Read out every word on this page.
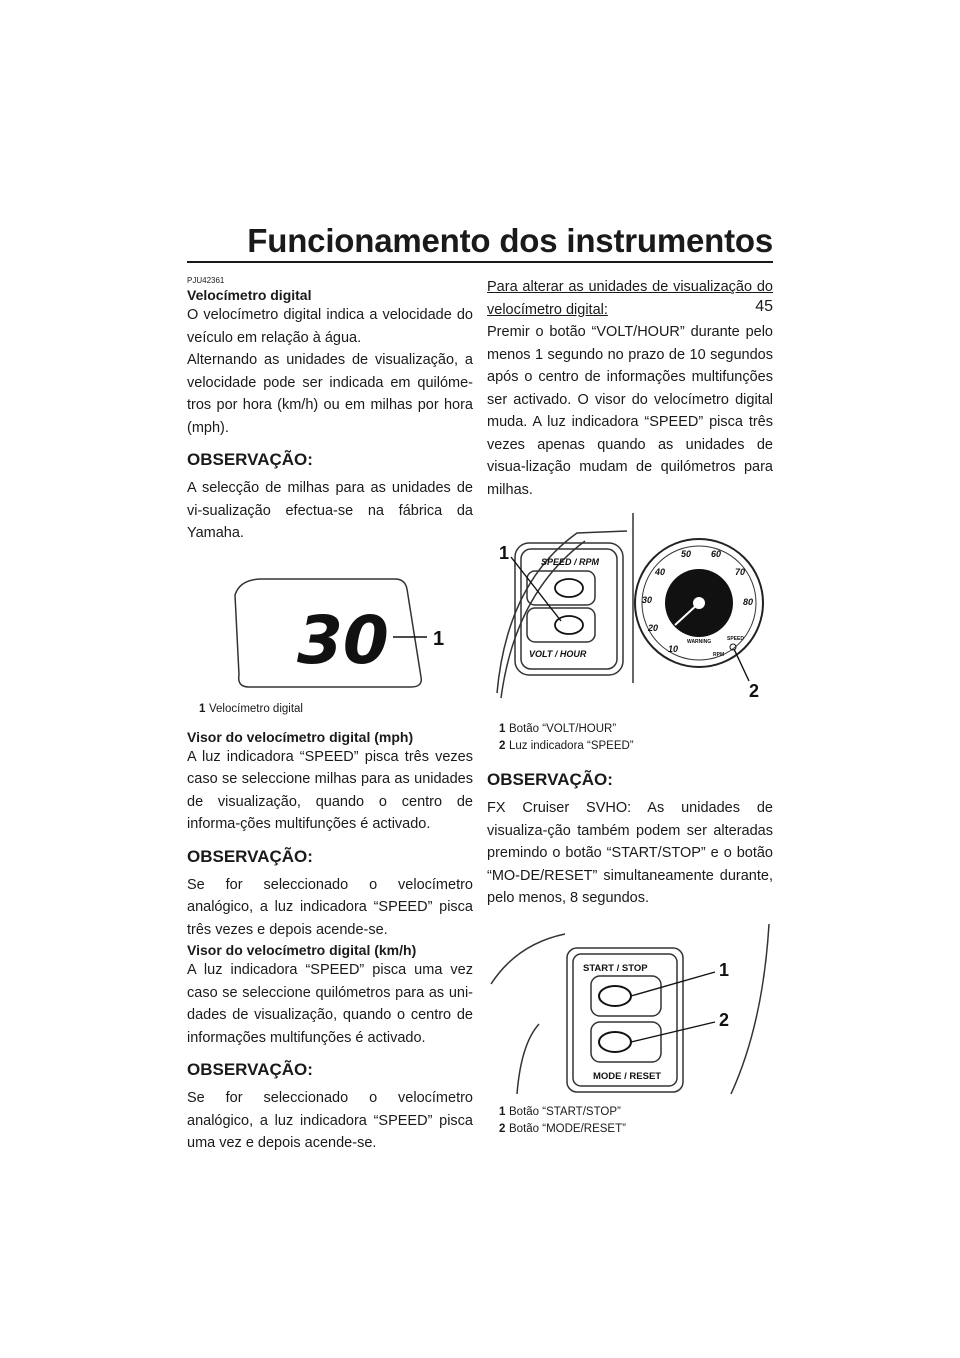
Funcionamento dos instrumentos
45

PJU42361

Velocímetro digital

O velocímetro digital indica a velocidade do veículo em relação à água.

Alternando as unidades de visualização, a velocidade pode ser indicada em quilóme-tros por hora (km/h) ou em milhas por hora (mph).

OBSERVAÇÃO:

A selecção de milhas para as unidades de vi-sualização efectua-se na fábrica da Yamaha.

30 1

1 Velocímetro digital

Visor do velocímetro digital (mph)

A luz indicadora “SPEED” pisca três vezes caso se seleccione milhas para as unidades de visualização, quando o centro de informa-ções multifunções é activado.

OBSERVAÇÃO:

Se for seleccionado o velocímetro analógico, a luz indicadora “SPEED” pisca três vezes e depois acende-se.

Visor do velocímetro digital (km/h)

A luz indicadora “SPEED” pisca uma vez caso se seleccione quilómetros para as uni-dades de visualização, quando o centro de informações multifunções é activado.

OBSERVAÇÃO:

Se for seleccionado o velocímetro analógico, a luz indicadora “SPEED” pisca uma vez e depois acende-se.

Para alterar as unidades de visualização do velocímetro digital:

Premir o botão “VOLT/HOUR” durante pelo menos 1 segundo no prazo de 10 segundos após o centro de informações multifunções ser activado. O visor do velocímetro digital muda. A luz indicadora “SPEED” pisca três vezes apenas quando as unidades de visua-lização mudam de quilómetros para milhas.

SPEED / RPM
VOLT / HOUR
1
10
20
30
40
50 60
70
80
WARNING	SPEED
RPM
2

1 Botão “VOLT/HOUR”

2 Luz indicadora “SPEED”

OBSERVAÇÃO:

FX Cruiser SVHO: As unidades de visualiza-ção também podem ser alteradas premindo o botão “START/STOP” e o botão “MO-DE/RESET” simultaneamente durante, pelo menos, 8 segundos.

START / STOP
MODE / RESET
1
2

1 Botão “START/STOP”

2 Botão “MODE/RESET”
